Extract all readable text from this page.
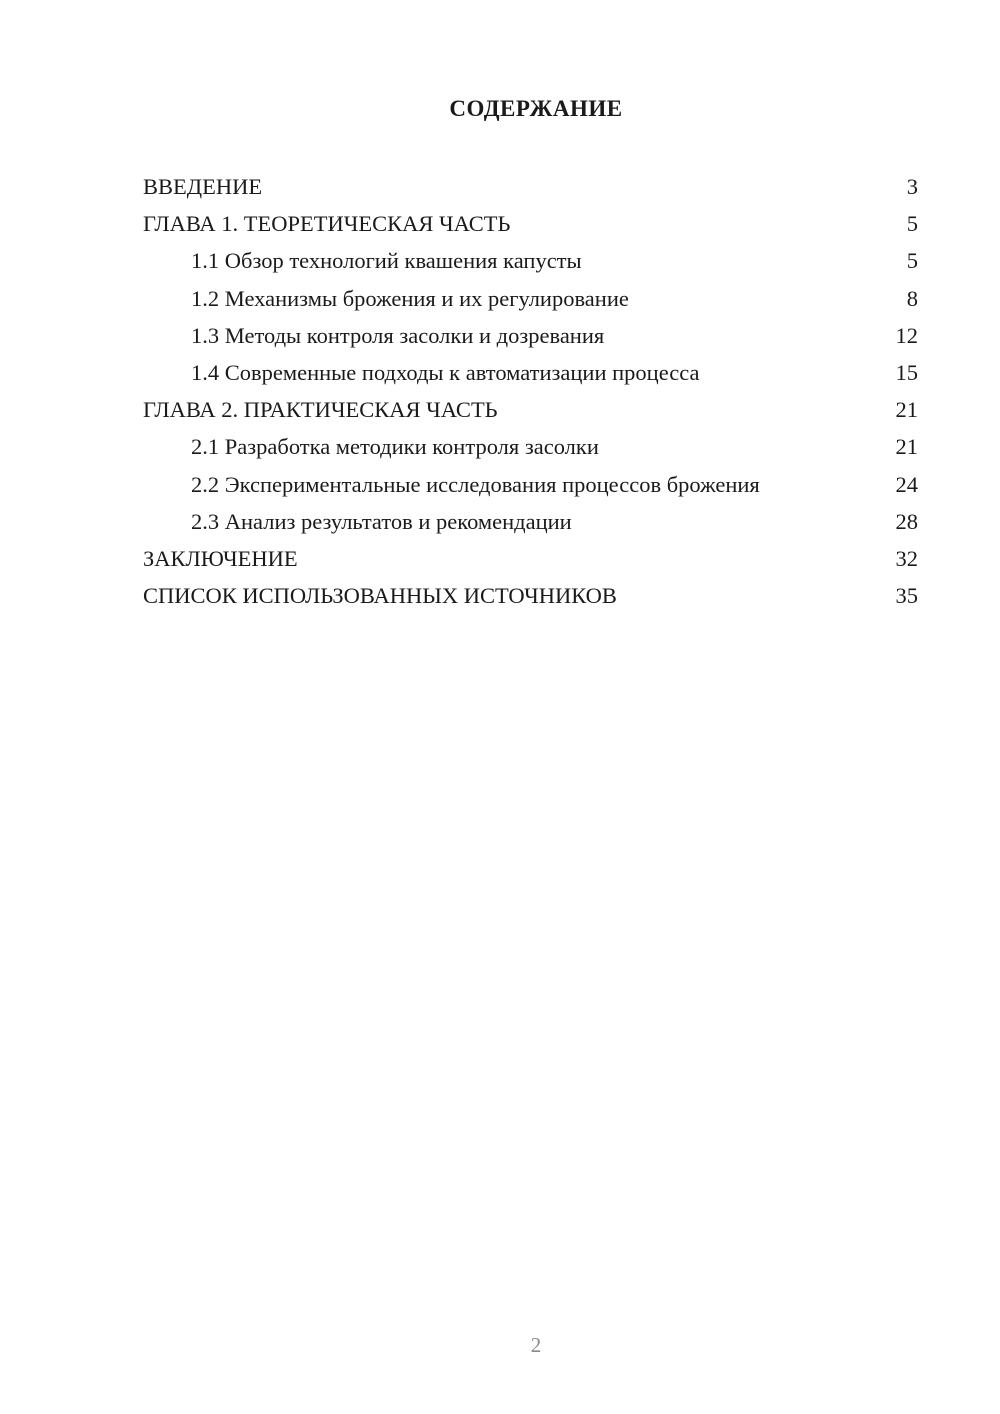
СОДЕРЖАНИЕ
ВВЕДЕНИЕ	3
ГЛАВА 1. ТЕОРЕТИЧЕСКАЯ ЧАСТЬ	5
1.1 Обзор технологий квашения капусты	5
1.2 Механизмы брожения и их регулирование	8
1.3 Методы контроля засолки и дозревания	12
1.4 Современные подходы к автоматизации процесса	15
ГЛАВА 2. ПРАКТИЧЕСКАЯ ЧАСТЬ	21
2.1 Разработка методики контроля засолки	21
2.2 Экспериментальные исследования процессов брожения	24
2.3 Анализ результатов и рекомендации	28
ЗАКЛЮЧЕНИЕ	32
СПИСОК ИСПОЛЬЗОВАННЫХ ИСТОЧНИКОВ	35
2
